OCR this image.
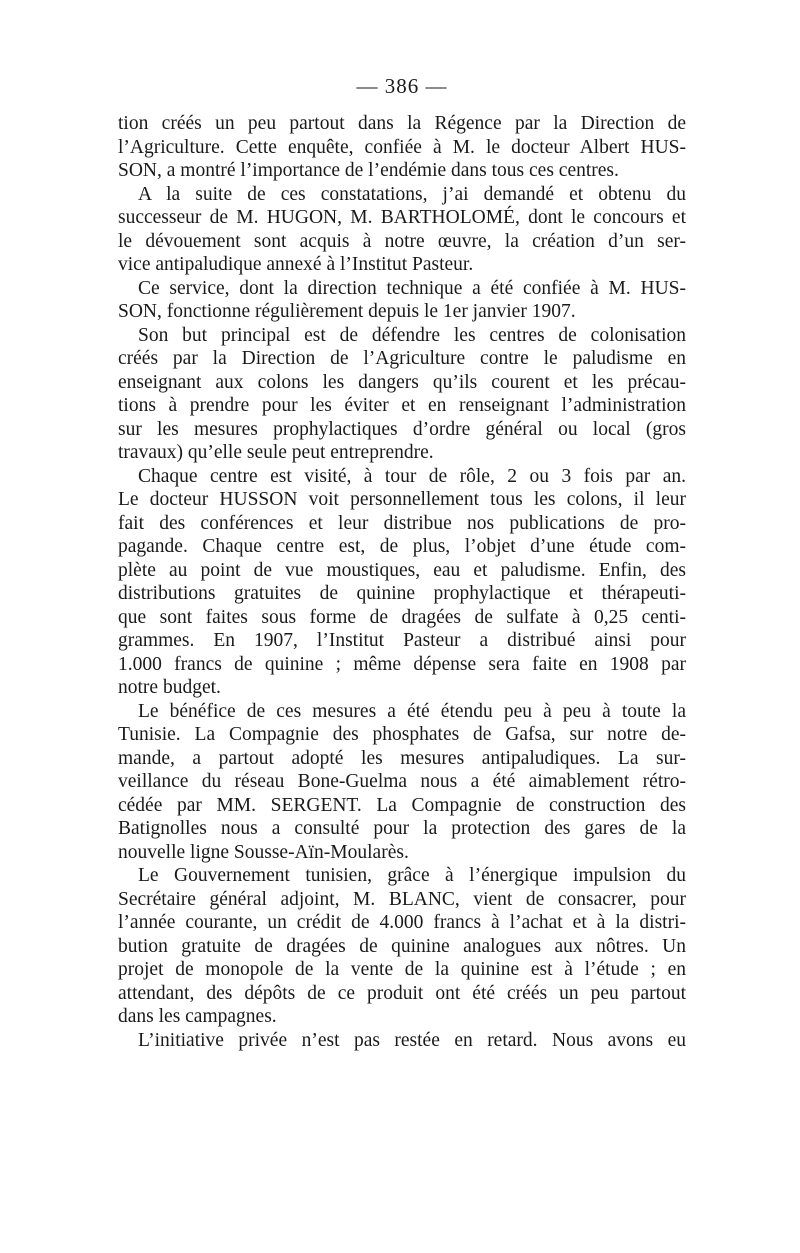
— 386 —
tion créés un peu partout dans la Régence par la Direction de
l’Agriculture. Cette enquête, confiée à M. le docteur Albert HUS-
SON, a montré l’importance de l’endémie dans tous ces centres.
A la suite de ces constatations, j’ai demandé et obtenu du
successeur de M. HUGON, M. BARTHOLOMÉ, dont le concours et
le dévouement sont acquis à notre œuvre, la création d’un ser-
vice antipaludique annexé à l’Institut Pasteur.
Ce service, dont la direction technique a été confiée à M. HUS-
SON, fonctionne régulièrement depuis le 1er janvier 1907.
Son but principal est de défendre les centres de colonisation
créés par la Direction de l’Agriculture contre le paludisme en
enseignant aux colons les dangers qu’ils courent et les précau-
tions à prendre pour les éviter et en renseignant l’administration
sur les mesures prophylactiques d’ordre général ou local (gros
travaux) qu’elle seule peut entreprendre.
Chaque centre est visité, à tour de rôle, 2 ou 3 fois par an.
Le docteur HUSSON voit personnellement tous les colons, il leur
fait des conférences et leur distribue nos publications de pro-
pagande. Chaque centre est, de plus, l’objet d’une étude com-
plète au point de vue moustiques, eau et paludisme. Enfin, des
distributions gratuites de quinine prophylactique et thérapeuti-
que sont faites sous forme de dragées de sulfate à 0,25 centi-
grammes. En 1907, l’Institut Pasteur a distribué ainsi pour
1.000 francs de quinine ; même dépense sera faite en 1908 par
notre budget.
Le bénéfice de ces mesures a été étendu peu à peu à toute la
Tunisie. La Compagnie des phosphates de Gafsa, sur notre de-
mande, a partout adopté les mesures antipaludiques. La sur-
veillance du réseau Bone-Guelma nous a été aimablement rétro-
cédée par MM. SERGENT. La Compagnie de construction des
Batignolles nous a consulté pour la protection des gares de la
nouvelle ligne Sousse-Aïn-Moularès.
Le Gouvernement tunisien, grâce à l’énergique impulsion du
Secrétaire général adjoint, M. BLANC, vient de consacrer, pour
l’année courante, un crédit de 4.000 francs à l’achat et à la distri-
bution gratuite de dragées de quinine analogues aux nôtres. Un
projet de monopole de la vente de la quinine est à l’étude ; en
attendant, des dépôts de ce produit ont été créés un peu partout
dans les campagnes.
L’initiative privée n’est pas restée en retard. Nous avons eu
